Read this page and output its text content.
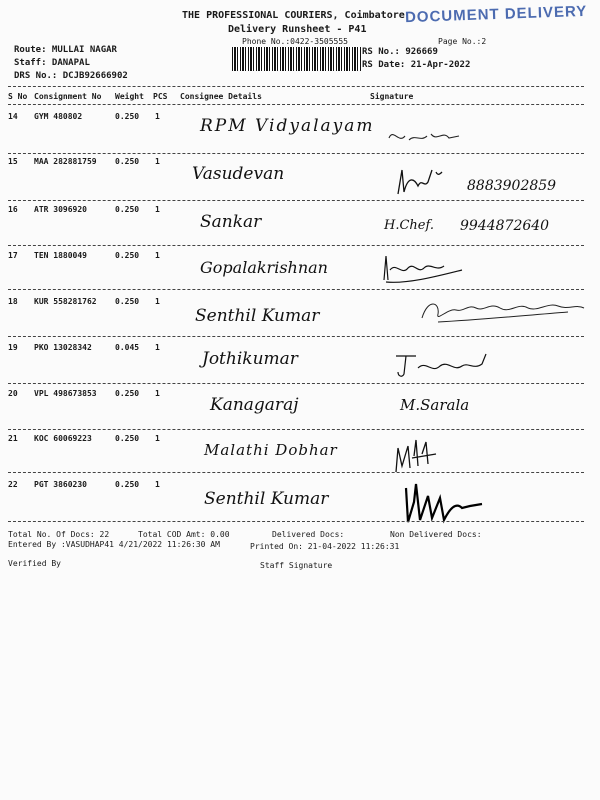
THE PROFESSIONAL COURIERS, Coimbatore
Delivery Runsheet - P41
Phone No.:0422-3505555	Page No.:2
DOCUMENT DELIVERY
Route: MULLAI NAGAR
Staff: DANAPAL
DRS No.: DCJB92666902
RS No.: 926669
RS Date: 21-Apr-2022
S No Consignment No Weight PCS Consignee Details	Signature
14 GYM 480802	0.250 1 RPM Vidyalayam
15 MAA 282881759 0.250 1
Vasudevan
8883902859
16 ATR 3096920	0.250 1
Sankar	H.Chef. 9944872640
17 TEN 1880049	0.250 1
Gopalakrishnan
18 KUR 558281762 0.250 1
Senthil Kumar
19 PKO 13028342	0.045 1
Jothikumar
20 VPL 498673853 0.250 1
Kanagaraj	M.Sarala
21 KOC 60069223	0.250 1
Malathi Dobhar
22 PGT 3860230	0.250 1
Senthil Kumar
Total No. Of Docs: 22	Total COD Amt: 0.00	Delivered Docs:	Non Delivered Docs:
Entered By :VASUDHAP41 4/21/2022 11:26:30 AM	Printed On: 21-04-2022 11:26:31
Verified By	Staff Signature
